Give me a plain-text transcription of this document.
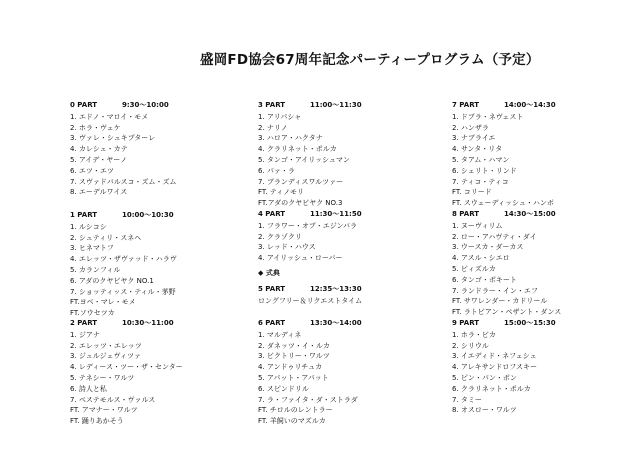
盛岡FD協会67周年記念パーティープログラム（予定）
0 PART	9:30～10:00
1. エドノ・マロイ・モメ
2. ホラ・ヴェケ
3. ヴァレ・シュキプターレ
4. カレシュ・カテ
5. アイデ・ヤーノ
6. エツ・エツ
7. スヴァドバルスコ・ズム・ズム
8. エーデルワイス
1 PART	10:00～10:30
1. ルシコシ
2. シュティリ・スネヘ
3. ヒネマトフ
4. エレッツ・ザヴァッド・ハラヴ
5. カランフィル
6. アダのクヤビヤク NO.1
7. ショッティッス・ティル・茅野
FT.ヨベ・マレ・モメ
FT.ソウセツカ
2 PART	10:30～11:00
1. ジアナ
2. エレッツ・エレッツ
3. ジュルジェヴィツァ
4. レディース・ツー・ザ・センター
5. テネシー・ワルツ
6. 詩人と私
7. ベステモルス・ヴァルス
FT. アマナー・ワルツ
FT. 踊りあかそう
3 PART	11:00～11:30
1. アリパシャ
2. ナリノ
3. ハロア・ハクタナ
4. クラリネット・ポルカ
5. タンゴ・アイリッシュマン
6. パァ・ラ
7. ブランディスワルツァー
FT. ティノモリ
FT.アダのクヤビヤク NO.3
4 PART	11:30～11:50
1. フラワー・オブ・エジンバラ
2. クラゾクリ
3. レッド・ハウス
4. アイリッシュ・ローバー
◆ 式典
5 PART	12:35～13:30
ロングフリー＆リクエストタイム
6 PART	13:30～14:00
1. マルディネ
2. ダネッツ・イ・ルカ
3. ビクトリー・ワルツ
4. アンドゥリチュカ
5. アパット・アパット
6. スピンドリル
7. ラ・ファイタ・ダ・ストラダ
FT. チロルのレントラー
FT. 羊飼いのマズルカ
7 PART	14:00～14:30
1. ドブラ・ネヴェスト
2. ハンザラ
3. ナブライエ
4. サンタ・リタ
5. タアム・ハマン
6. シェリト・リンド
7. ティコ・ティコ
FT. コリード
FT. スウェーディッシュ・ハンボ
8 PART	14:30～15:00
1. ヌーヴィリム
2. ロー・アハヴティ・ダイ
3. ウースカ・ダーカス
4. アスル・シエロ
5. ビィズルカ
6. タンゴ・ポキート
7. ランドラー・イン・エフ
FT. サワレンダー・カドリール
FT. ラトビアン・ペザント・ダンス
9 PART	15:00～15:30
1. ホラ・ビカ
2. シリウル
3. イエディド・ネフェシュ
4. アレキサンドロフスキー
5. ピン・パン・ポン
6. クラリネット・ポルカ
7. タミー
8. オスロー・ワルツ
